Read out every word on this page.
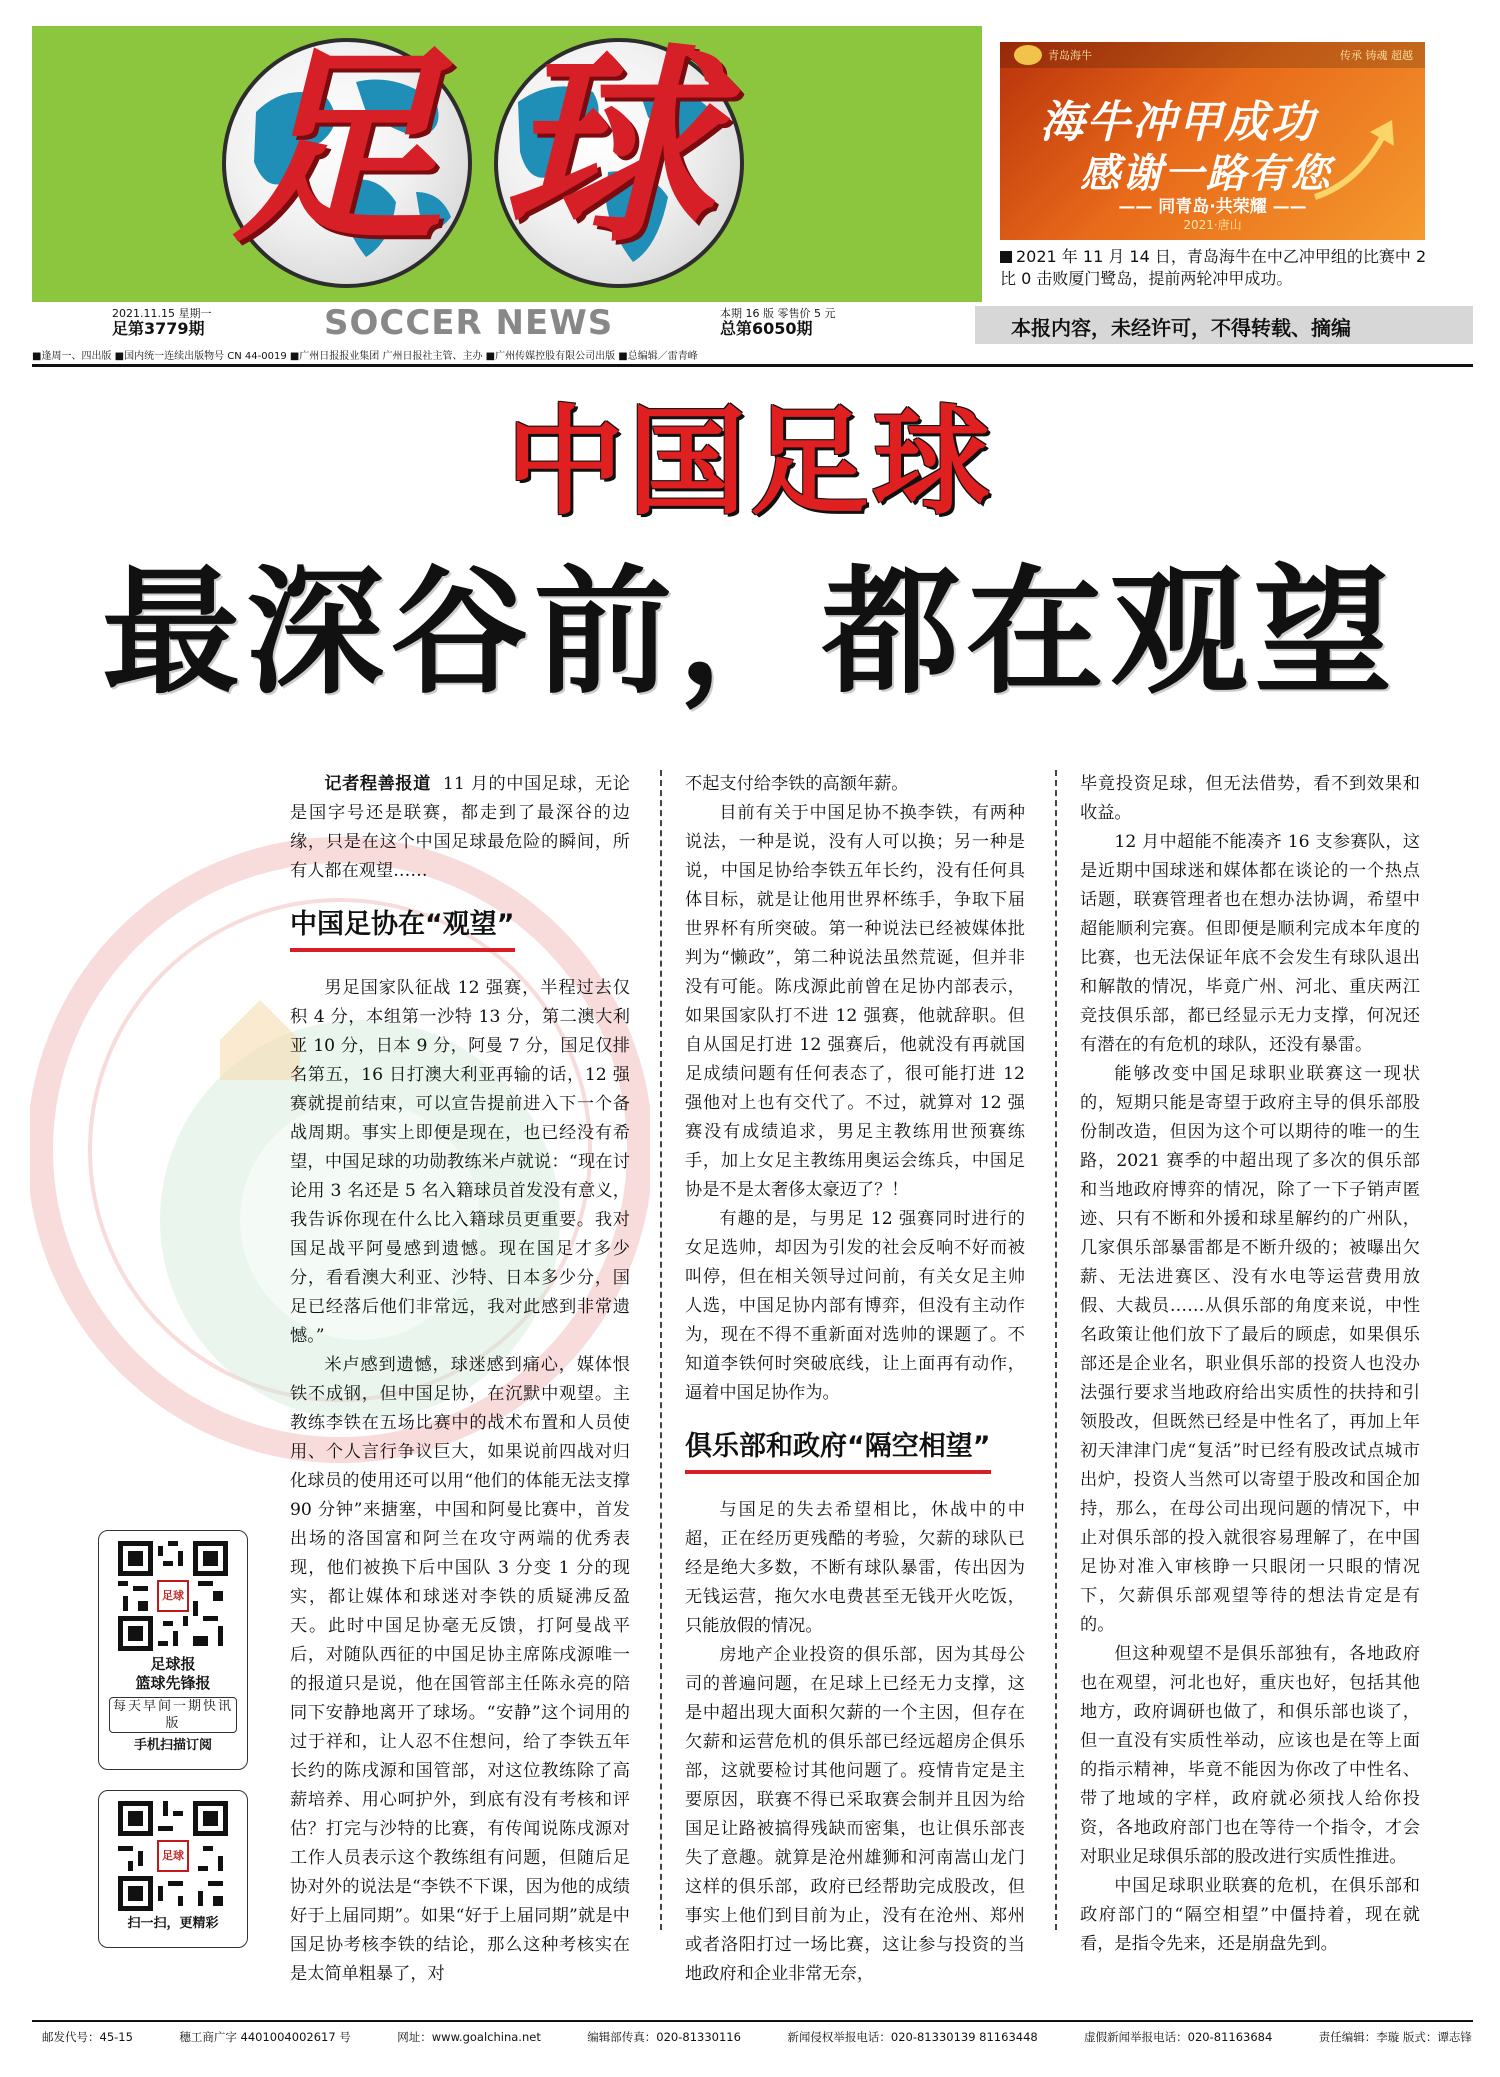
足 球	青岛海牛	传承 铸魂 超越
海牛冲甲成功
感谢一路有您
—— 同青岛·共荣耀 ——
2021·唐山
2021 年 11 月 14 日，青岛海牛在中乙冲甲组的比赛中 2 比 0 击败厦门鹭岛，提前两轮冲甲成功。
2021.11.15 星期一
足第3779期	SOCCER NEWS	本期 16 版 零售价 5 元
总第6050期	本报内容，未经许可，不得转载、摘编
■逢周一、四出版 ■国内统一连续出版物号 CN 44-0019 ■广州日报报业集团 广州日报社主管、主办 ■广州传媒控股有限公司出版 ■总编辑／雷青峰
中国足球
最深谷前，都在观望

记者程善报道 11 月的中国足球，无论是国字号还是联赛，都走到了最深谷的边缘，只是在这个中国足球最危险的瞬间，所有人都在观望……

中国足协在“观望”

男足国家队征战 12 强赛，半程过去仅积 4 分，本组第一沙特 13 分，第二澳大利亚 10 分，日本 9 分，阿曼 7 分，国足仅排名第五，16 日打澳大利亚再输的话，12 强赛就提前结束，可以宣告提前进入下一个备战周期。事实上即便是现在，也已经没有希望，中国足球的功勋教练米卢就说：“现在讨论用 3 名还是 5 名入籍球员首发没有意义，我告诉你现在什么比入籍球员更重要。我对国足战平阿曼感到遗憾。现在国足才多少分，看看澳大利亚、沙特、日本多少分，国足已经落后他们非常远，我对此感到非常遗憾。”

米卢感到遗憾，球迷感到痛心，媒体恨铁不成钢，但中国足协，在沉默中观望。主教练李铁在五场比赛中的战术布置和人员使用、个人言行争议巨大，如果说前四战对归化球员的使用还可以用“他们的体能无法支撑 90 分钟”来搪塞，中国和阿曼比赛中，首发出场的洛国富和阿兰在攻守两端的优秀表现，他们被换下后中国队 3 分变 1 分的现实，都让媒体和球迷对李铁的质疑沸反盈天。此时中国足协毫无反馈，打阿曼战平后，对随队西征的中国足协主席陈戌源唯一的报道只是说，他在国管部主任陈永亮的陪同下安静地离开了球场。“安静”这个词用的过于祥和，让人忍不住想问，给了李铁五年长约的陈戌源和国管部，对这位教练除了高薪培养、用心呵护外，到底有没有考核和评估？打完与沙特的比赛，有传闻说陈戌源对工作人员表示这个教练组有问题，但随后足协对外的说法是“李铁不下课，因为他的成绩好于上届同期”。如果“好于上届同期”就是中国足协考核李铁的结论，那么这种考核实在是太简单粗暴了，对

不起支付给李铁的高额年薪。

目前有关于中国足协不换李铁，有两种说法，一种是说，没有人可以换；另一种是说，中国足协给李铁五年长约，没有任何具体目标，就是让他用世界杯练手，争取下届世界杯有所突破。第一种说法已经被媒体批判为“懒政”，第二种说法虽然荒诞，但并非没有可能。陈戌源此前曾在足协内部表示，如果国家队打不进 12 强赛，他就辞职。但自从国足打进 12 强赛后，他就没有再就国足成绩问题有任何表态了，很可能打进 12 强他对上也有交代了。不过，就算对 12 强赛没有成绩追求，男足主教练用世预赛练手，加上女足主教练用奥运会练兵，中国足协是不是太奢侈太豪迈了？！

有趣的是，与男足 12 强赛同时进行的女足选帅，却因为引发的社会反响不好而被叫停，但在相关领导过问前，有关女足主帅人选，中国足协内部有博弈，但没有主动作为，现在不得不重新面对选帅的课题了。不知道李铁何时突破底线，让上面再有动作，逼着中国足协作为。

俱乐部和政府“隔空相望”

与国足的失去希望相比，休战中的中超，正在经历更残酷的考验，欠薪的球队已经是绝大多数，不断有球队暴雷，传出因为无钱运营，拖欠水电费甚至无钱开火吃饭，只能放假的情况。

房地产企业投资的俱乐部，因为其母公司的普遍问题，在足球上已经无力支撑，这是中超出现大面积欠薪的一个主因，但存在欠薪和运营危机的俱乐部已经远超房企俱乐部，这就要检讨其他问题了。疫情肯定是主要原因，联赛不得已采取赛会制并且因为给国足让路被搞得残缺而密集，也让俱乐部丧失了意趣。就算是沧州雄狮和河南嵩山龙门这样的俱乐部，政府已经帮助完成股改，但事实上他们到目前为止，没有在沧州、郑州或者洛阳打过一场比赛，这让参与投资的当地政府和企业非常无奈，

毕竟投资足球，但无法借势，看不到效果和收益。

12 月中超能不能凑齐 16 支参赛队，这是近期中国球迷和媒体都在谈论的一个热点话题，联赛管理者也在想办法协调，希望中超能顺利完赛。但即便是顺利完成本年度的比赛，也无法保证年底不会发生有球队退出和解散的情况，毕竟广州、河北、重庆两江竞技俱乐部，都已经显示无力支撑，何况还有潜在的有危机的球队，还没有暴雷。

能够改变中国足球职业联赛这一现状的，短期只能是寄望于政府主导的俱乐部股份制改造，但因为这个可以期待的唯一的生路，2021 赛季的中超出现了多次的俱乐部和当地政府博弈的情况，除了一下子销声匿迹、只有不断和外援和球星解约的广州队，几家俱乐部暴雷都是不断升级的；被曝出欠薪、无法进赛区、没有水电等运营费用放假、大裁员……从俱乐部的角度来说，中性名政策让他们放下了最后的顾虑，如果俱乐部还是企业名，职业俱乐部的投资人也没办法强行要求当地政府给出实质性的扶持和引领股改，但既然已经是中性名了，再加上年初天津津门虎“复活”时已经有股改试点城市出炉，投资人当然可以寄望于股改和国企加持，那么，在母公司出现问题的情况下，中止对俱乐部的投入就很容易理解了，在中国足协对准入审核睁一只眼闭一只眼的情况下，欠薪俱乐部观望等待的想法肯定是有的。

但这种观望不是俱乐部独有，各地政府也在观望，河北也好，重庆也好，包括其他地方，政府调研也做了，和俱乐部也谈了，但一直没有实质性举动，应该也是在等上面的指示精神，毕竟不能因为你改了中性名、带了地域的字样，政府就必须找人给你投资，各地政府部门也在等待一个指令，才会对职业足球俱乐部的股改进行实质性推进。

中国足球职业联赛的危机，在俱乐部和政府部门的“隔空相望”中僵持着，现在就看，是指令先来，还是崩盘先到。

足球
足球报
篮球先锋报
每天早间一期快讯版
手机扫描订阅
足球
扫一扫，更精彩
邮发代号：45-15	穗工商广字 4401004002617 号	网址：www.goalchina.net	编辑部传真：020-81330116	新闻侵权举报电话：020-81330139 81163448	虚假新闻举报电话：020-81163684	责任编辑：李璇 版式：谭志锋
